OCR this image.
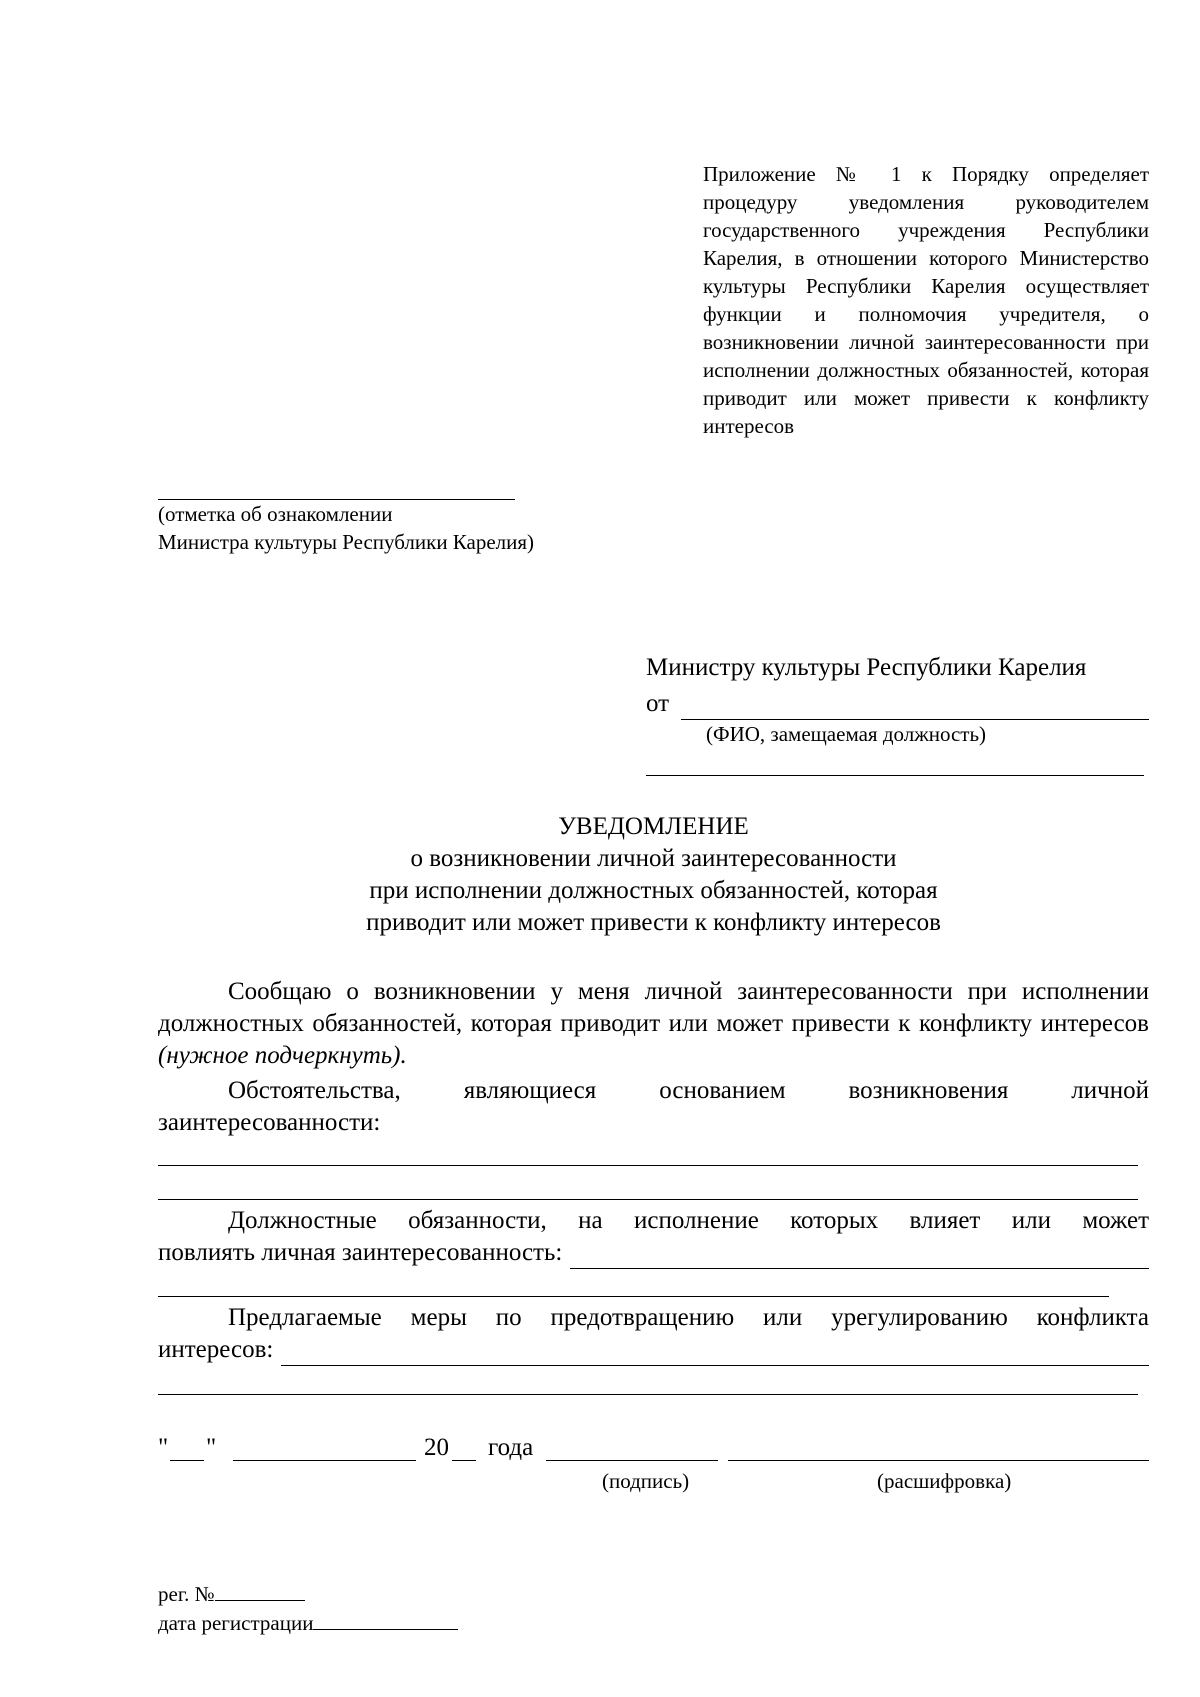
Приложение № 1 к Порядку определяет процедуру уведомления руководителем государственного учреждения Республики Карелия, в отношении которого Министерство культуры Республики Карелия осуществляет функции и полномочия учредителя, о возникновении личной заинтересованности при исполнении должностных обязанностей, которая приводит или может привести к конфликту интересов
(отметка об ознакомлении
Министра культуры Республики Карелия)
Министру культуры Республики Карелия
от
(ФИО, замещаемая должность)
УВЕДОМЛЕНИЕ
о возникновении личной заинтересованности
при исполнении должностных обязанностей, которая
приводит или может привести к конфликту интересов
Сообщаю о возникновении у меня личной заинтересованности при исполнении должностных обязанностей, которая приводит или может привести к конфликту интересов (нужное подчеркнуть).
Обстоятельства, являющиеся основанием возникновения личной заинтересованности:
Должностные обязанности, на исполнение которых влияет или может
повлиять личная заинтересованность:
Предлагаемые меры по предотвращению или урегулированию конфликта
интересов:
" "	20 года
(подпись)	(расшифровка)
рег. №
дата регистрации
